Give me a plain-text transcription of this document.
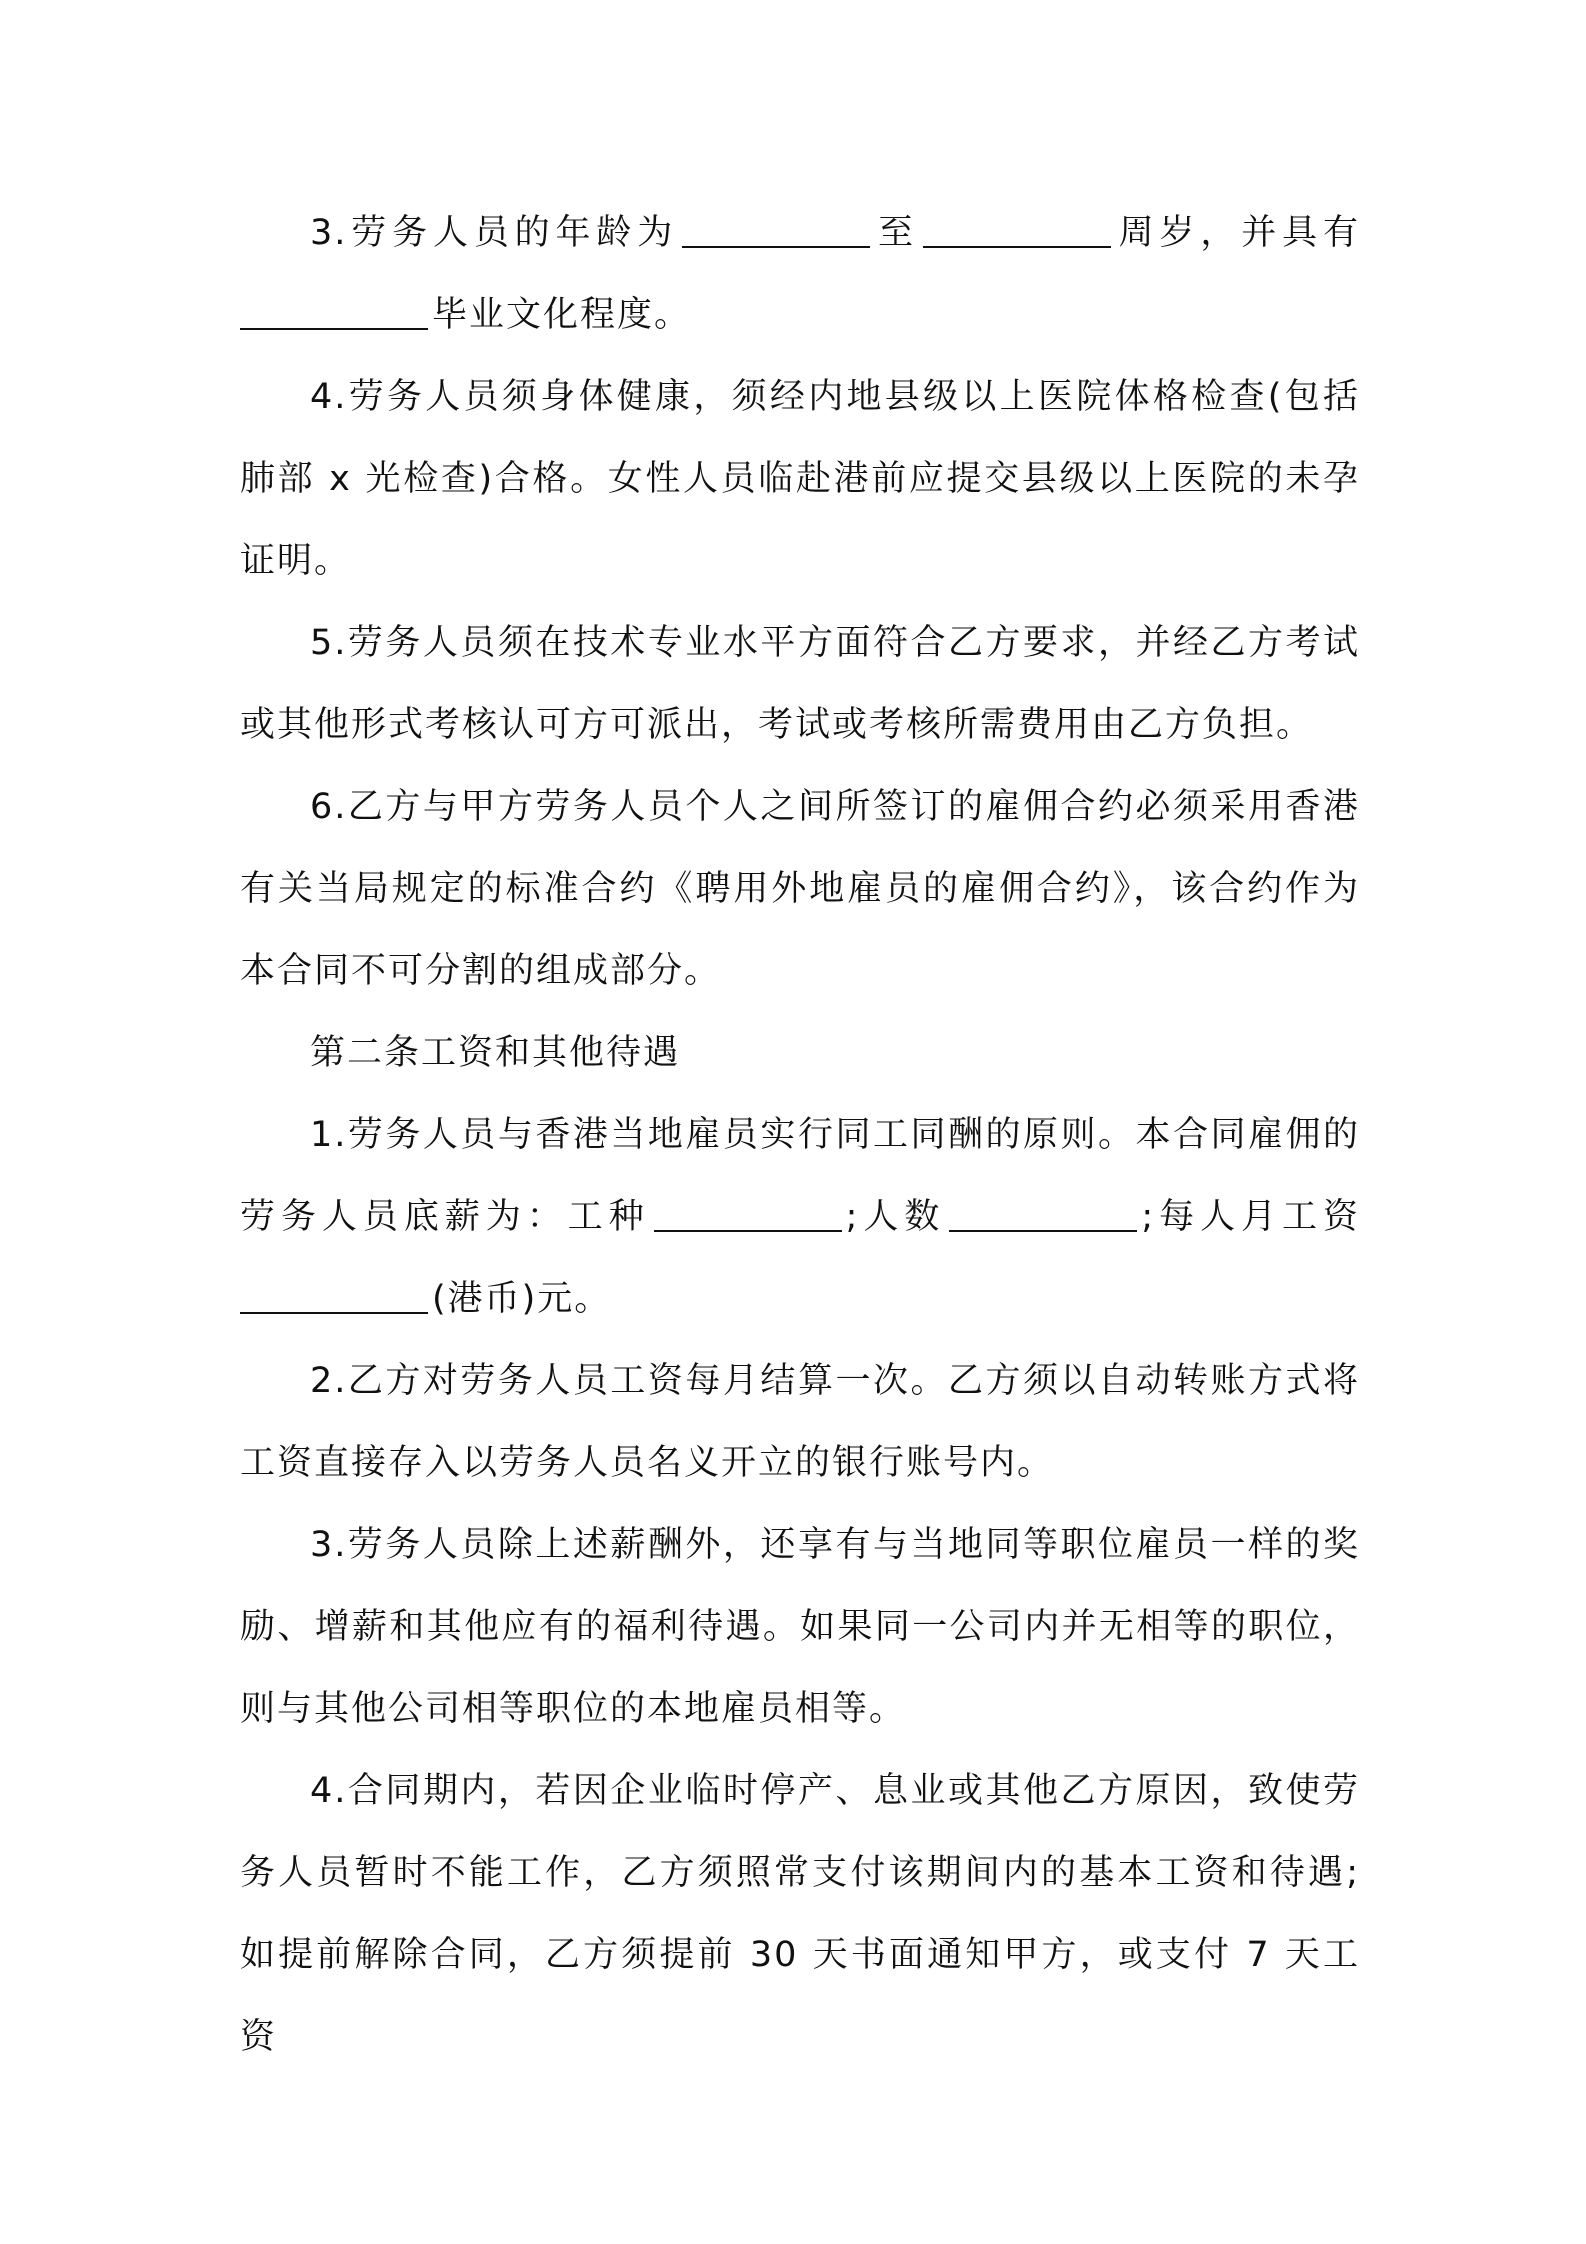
3.劳务人员的年龄为	至	周岁，并具有毕业文化程度。

4.劳务人员须身体健康，须经内地县级以上医院体格检查(包括肺部 x 光检查)合格。女性人员临赴港前应提交县级以上医院的未孕证明。

5.劳务人员须在技术专业水平方面符合乙方要求，并经乙方考试或其他形式考核认可方可派出，考试或考核所需费用由乙方负担。

6.乙方与甲方劳务人员个人之间所签订的雇佣合约必须采用香港有关当局规定的标准合约《聘用外地雇员的雇佣合约》，该合约作为本合同不可分割的组成部分。

第二条工资和其他待遇

1.劳务人员与香港当地雇员实行同工同酬的原则。本合同雇佣的劳务人员底薪为：工种	;人数	;每人月工资(港币)元。

2.乙方对劳务人员工资每月结算一次。乙方须以自动转账方式将工资直接存入以劳务人员名义开立的银行账号内。

3.劳务人员除上述薪酬外，还享有与当地同等职位雇员一样的奖励、增薪和其他应有的福利待遇。如果同一公司内并无相等的职位，则与其他公司相等职位的本地雇员相等。

4.合同期内，若因企业临时停产、息业或其他乙方原因，致使劳务人员暂时不能工作，乙方须照常支付该期间内的基本工资和待遇;如提前解除合同，乙方须提前 30 天书面通知甲方，或支付 7 天工资
